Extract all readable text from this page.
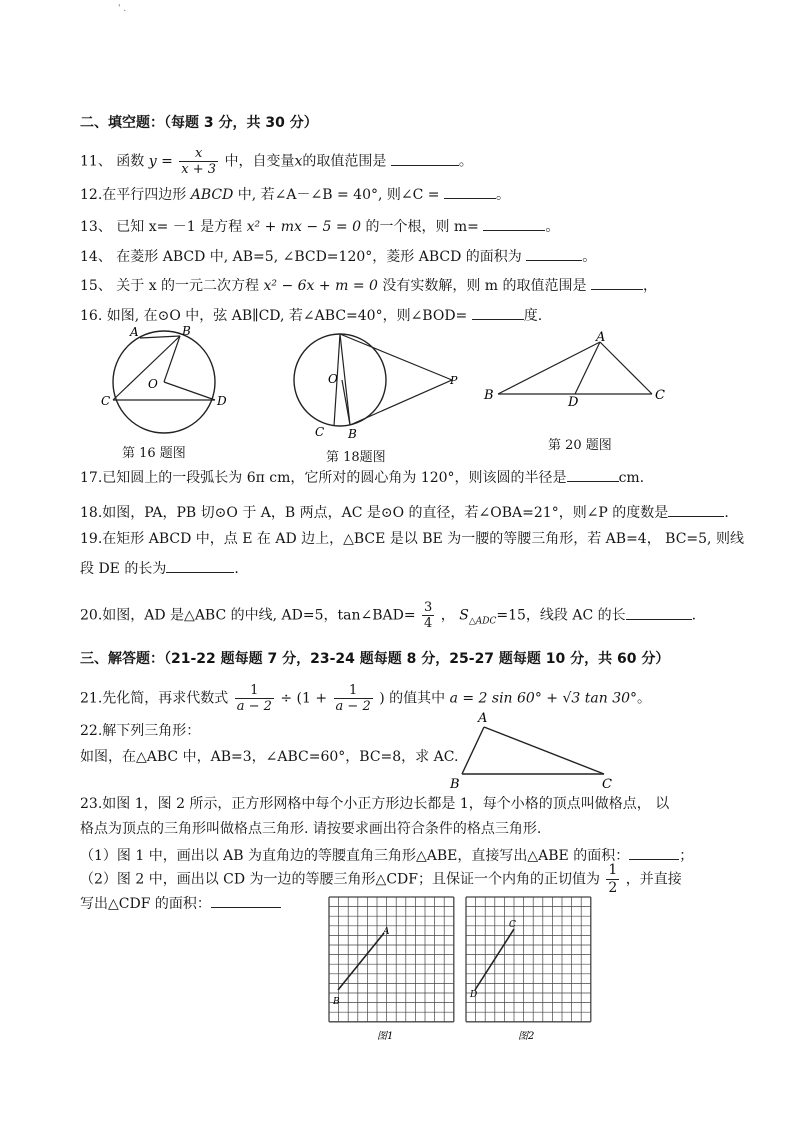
' .
二、填空题：（每题 3 分，共 30 分）
11、 函数 $y = \frac{x}{x + 3}$ 中，自变量x的取值范围是	。
12.在平行四边形 ABCD 中, 若∠A－∠B = 40°, 则∠C =	。
13、 已知 x= －1 是方程 x² + mx − 5 = 0 的一个根，则 m=	。
14、 在菱形 ABCD 中, AB=5, ∠BCD=120°，菱形 ABCD 的面积为	。
15、 关于 x 的一元二次方程 x² − 6x + m = 0 没有实数解，则 m 的取值范围是	，
16. 如图, 在⊙O 中，弦 AB∥CD, 若∠ABC=40°，则∠BOD=	度.
A	B
C	D
O
第 16 题图
O	P
C B
第 18题图
A
B	C
D
第 20 题图
17.已知圆上的一段弧长为 6π cm，它所对的圆心角为 120°，则该圆的半径是	cm.
18.如图，PA，PB 切⊙O 于 A，B 两点，AC 是⊙O 的直径，若∠OBA=21°，则∠P 的度数是	.
19.在矩形 ABCD 中，点 E 在 AD 边上，△BCE 是以 BE 为一腰的等腰三角形，若 AB=4， BC=5, 则线
段 DE 的长为	.
20.如图，AD 是△ABC 的中线, AD=5，tan∠BAD= $\frac{3}{4}$ ， $S_{\triangle ADC}=15$，线段 AC 的长	.
三、解答题：（21-22 题每题 7 分，23-24 题每题 8 分，25-27 题每题 10 分，共 60 分）
21.先化简，再求代数式 $\frac{1}{a - 2} \div (1 + \frac{1}{a - 2}$ ) 的值其中 a = 2 sin 60° + √3 tan 30°。
22.解下列三角形：
如图，在△ABC 中，AB=3，∠ABC=60°，BC=8，求 AC.
A
B	C
23.如图 1，图 2 所示，正方形网格中每个小正方形边长都是 1，每个小格的顶点叫做格点， 以
格点为顶点的三角形叫做格点三角形. 请按要求画出符合条件的格点三角形.
（1）图 1 中，画出以 AB 为直角边的等腰直角三角形△ABE，直接写出△ABE 的面积：	；
（2）图 2 中，画出以 CD 为一边的等腰三角形△CDF；且保证一个内角的正切值为 $\frac{1}{2}$ ，并直接
写出△CDF 的面积：
A
B
图1
C
D
图2
